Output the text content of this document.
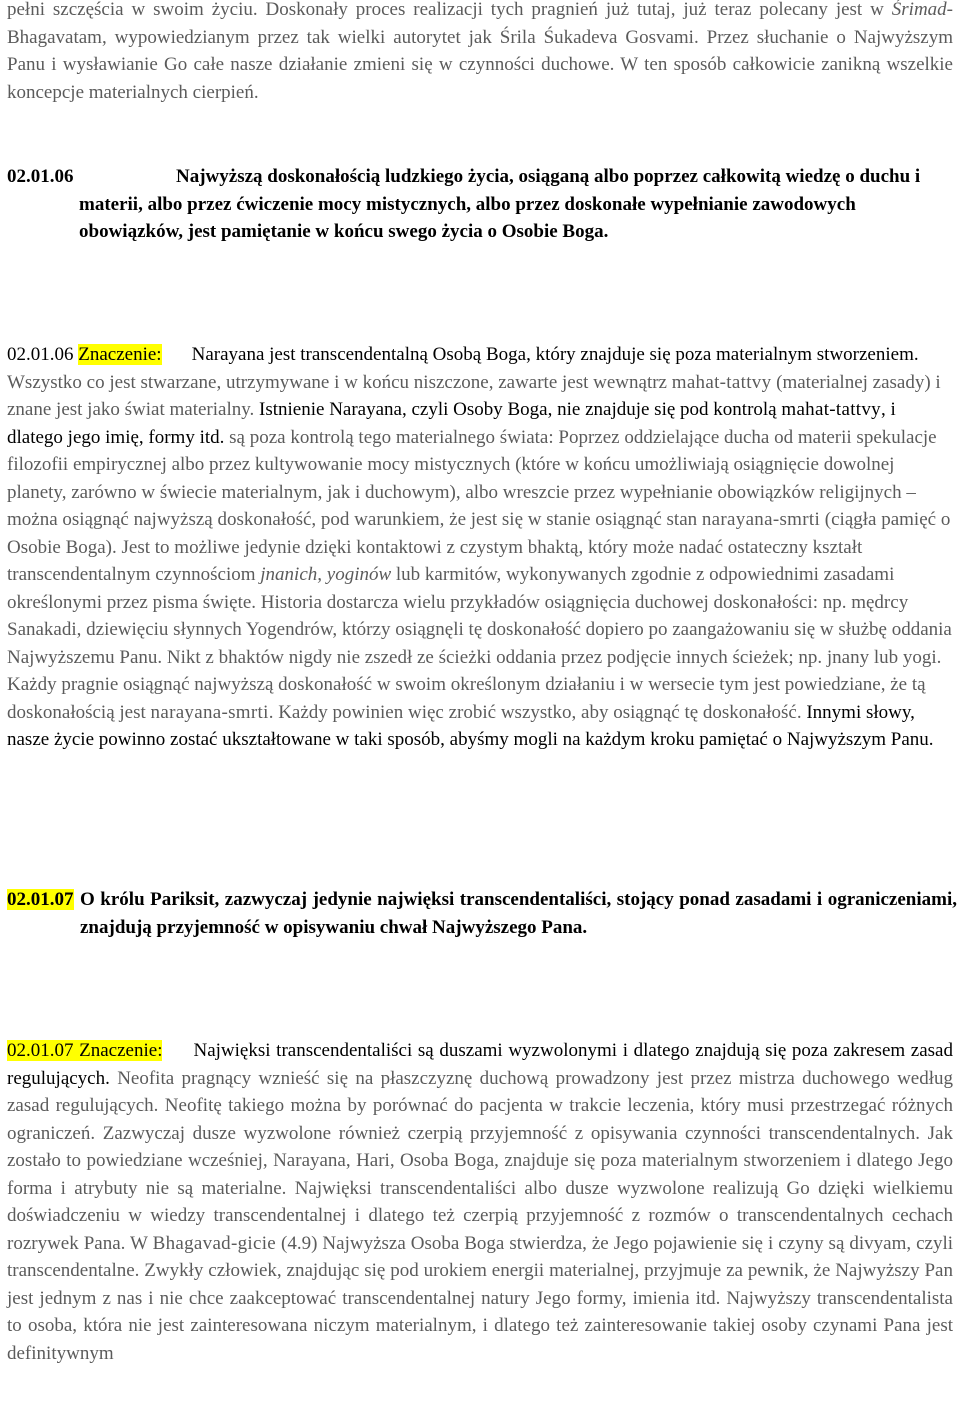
pełni szczęścia w swoim życiu. Doskonały proces realizacji tych pragnień już tutaj, już teraz polecany jest w Śrimad-Bhagavatam, wypowiedzianym przez tak wielki autorytet jak Śrila Śukadeva Gosvami. Przez słuchanie o Najwyższym Panu i wysławianie Go całe nasze działanie zmieni się w czynności duchowe. W ten sposób całkowicie zanikną wszelkie koncepcje materialnych cierpień.

02.01.06	Najwyższą doskonałością ludzkiego życia, osiąganą albo poprzez całkowitą wiedzę o duchu i materii, albo przez ćwiczenie mocy mistycznych, albo przez doskonałe wypełnianie zawodowych obowiązków, jest pamiętanie w końcu swego życia o Osobie Boga.

02.01.06 Znaczenie: Narayana jest transcendentalną Osobą Boga, który znajduje się poza materialnym stworzeniem. Wszystko co jest stwarzane, utrzymywane i w końcu niszczone, zawarte jest wewnątrz mahat-tattvy (materialnej zasady) i znane jest jako świat materialny. Istnienie Narayana, czyli Osoby Boga, nie znajduje się pod kontrolą mahat-tattvy, i dlatego jego imię, formy itd. są poza kontrolą tego materialnego świata: Poprzez oddzielające ducha od materii spekulacje filozofii empirycznej albo przez kultywowanie mocy mistycznych (które w końcu umożliwiają osiągnięcie dowolnej planety, zarówno w świecie materialnym, jak i duchowym), albo wreszcie przez wypełnianie obowiązków religijnych – można osiągnąć najwyższą doskonałość, pod warunkiem, że jest się w stanie osiągnąć stan narayana-smrti (ciągła pamięć o Osobie Boga). Jest to możliwe jedynie dzięki kontaktowi z czystym bhaktą, który może nadać ostateczny kształt transcendentalnym czynnościom jnanich, yoginów lub karmitów, wykonywanych zgodnie z odpowiednimi zasadami określonymi przez pisma święte. Historia dostarcza wielu przykładów osiągnięcia duchowej doskonałości: np. mędrcy Sanakadi, dziewięciu słynnych Yogendrów, którzy osiągnęli tę doskonałość dopiero po zaangażowaniu się w służbę oddania Najwyższemu Panu. Nikt z bhaktów nigdy nie zszedł ze ścieżki oddania przez podjęcie innych ścieżek; np. jnany lub yogi. Każdy pragnie osiągnąć najwyższą doskonałość w swoim określonym działaniu i w wersecie tym jest powiedziane, że tą doskonałością jest narayana-smrti. Każdy powinien więc zrobić wszystko, aby osiągnąć tę doskonałość. Innymi słowy, nasze życie powinno zostać ukształtowane w taki sposób, abyśmy mogli na każdym kroku pamiętać o Najwyższym Panu.

02.01.07 O królu Pariksit, zazwyczaj jedynie najwięksi transcendentaliści, stojący ponad zasadami i ograniczeniami, znajdują przyjemność w opisywaniu chwał Najwyższego Pana.

02.01.07 Znaczenie: Najwięksi transcendentaliści są duszami wyzwolonymi i dlatego znajdują się poza zakresem zasad regulujących. Neofita pragnący wznieść się na płaszczyznę duchową prowadzony jest przez mistrza duchowego według zasad regulujących. Neofitę takiego można by porównać do pacjenta w trakcie leczenia, który musi przestrzegać różnych ograniczeń. Zazwyczaj dusze wyzwolone również czerpią przyjemność z opisywania czynności transcendentalnych. Jak zostało to powiedziane wcześniej, Narayana, Hari, Osoba Boga, znajduje się poza materialnym stworzeniem i dlatego Jego forma i atrybuty nie są materialne. Najwięksi transcendentaliści albo dusze wyzwolone realizują Go dzięki wielkiemu doświadczeniu w wiedzy transcendentalnej i dlatego też czerpią przyjemność z rozmów o transcendentalnych cechach rozrywek Pana. W Bhagavad-gicie (4.9) Najwyższa Osoba Boga stwierdza, że Jego pojawienie się i czyny są divyam, czyli transcendentalne. Zwykły człowiek, znajdując się pod urokiem energii materialnej, przyjmuje za pewnik, że Najwyższy Pan jest jednym z nas i nie chce zaakceptować transcendentalnej natury Jego formy, imienia itd. Najwyższy transcendentalista to osoba, która nie jest zainteresowana niczym materialnym, i dlatego też zainteresowanie takiej osoby czynami Pana jest definitywnym
